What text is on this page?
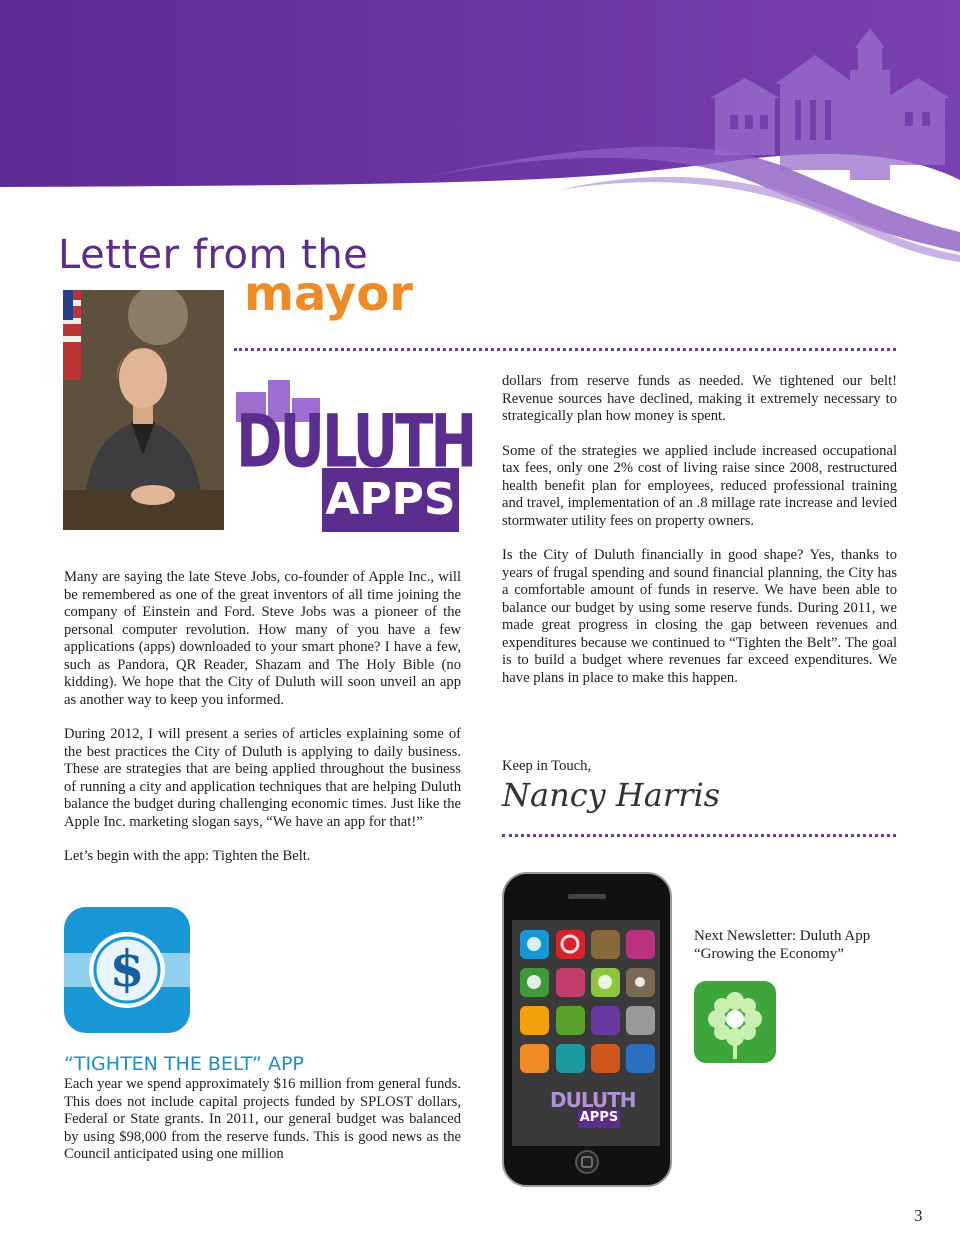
Letter from the
mayor
DULUTH
APPS

Many are saying the late Steve Jobs, co-founder of Apple Inc., will be remembered as one of the great inventors of all time joining the company of Einstein and Ford. Steve Jobs was a pioneer of the personal computer revolution. How many of you have a few applications (apps) downloaded to your smart phone? I have a few, such as Pandora, QR Reader, Shazam and The Holy Bible (no kidding). We hope that the City of Duluth will soon unveil an app as another way to keep you informed.

During 2012, I will present a series of articles explaining some of the best practices the City of Duluth is applying to daily business. These are strategies that are being applied throughout the business of running a city and application techniques that are helping Duluth balance the budget during challenging economic times. Just like the Apple Inc. marketing slogan says, “We have an app for that!”

Let’s begin with the app: Tighten the Belt.

$
“TIGHTEN THE BELT” APP
Each year we spend approximately $16 million from general funds. This does not include capital projects funded by SPLOST dollars, Federal or State grants. In 2011, our general budget was balanced by using $98,000 from the reserve funds. This is good news as the Council anticipated using one million

dollars from reserve funds as needed. We tightened our belt! Revenue sources have declined, making it extremely necessary to strategically plan how money is spent.

Some of the strategies we applied include increased occupational tax fees, only one 2% cost of living raise since 2008, restructured health benefit plan for employees, reduced professional training and travel, implementation of an .8 millage rate increase and levied stormwater utility fees on property owners.

Is the City of Duluth financially in good shape? Yes, thanks to years of frugal spending and sound financial planning, the City has a comfortable amount of funds in reserve. We have been able to balance our budget by using some reserve funds. During 2011, we made great progress in closing the gap between revenues and expenditures because we continued to “Tighten the Belt”. The goal is to build a budget where revenues far exceed expenditures. We have plans in place to make this happen.

Keep in Touch,
Nancy Harris
DULUTH
APPS
Next Newsletter: Duluth App
“Growing the Economy”
3
